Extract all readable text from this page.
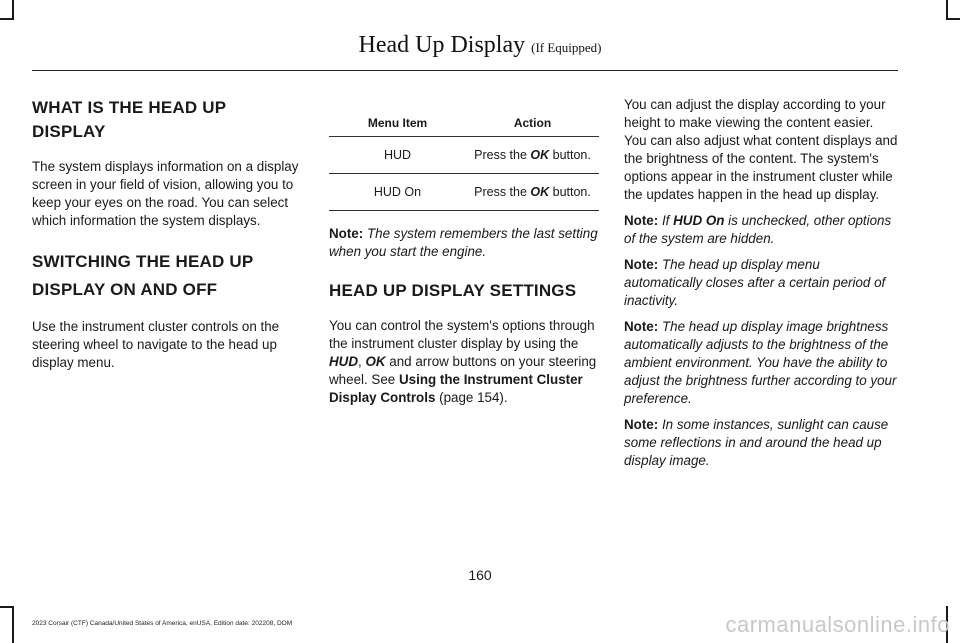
Head Up Display (If Equipped)
WHAT IS THE HEAD UP DISPLAY

The system displays information on a display screen in your field of vision, allowing you to keep your eyes on the road. You can select which information the system displays.

SWITCHING THE HEAD UP
DISPLAY ON AND OFF

Use the instrument cluster controls on the steering wheel to navigate to the head up display menu.

Menu Item	Action
HUD	Press the OK button.
HUD On	Press the OK button.

Note: The system remembers the last setting when you start the engine.

HEAD UP DISPLAY SETTINGS

You can control the system's options through the instrument cluster display by using the HUD, OK and arrow buttons on your steering wheel. See Using the Instrument Cluster Display Controls (page 154).

You can adjust the display according to your height to make viewing the content easier. You can also adjust what content displays and the brightness of the content. The system's options appear in the instrument cluster while the updates happen in the head up display.

Note: If HUD On is unchecked, other options of the system are hidden.

Note: The head up display menu automatically closes after a certain period of inactivity.

Note: The head up display image brightness automatically adjusts to the brightness of the ambient environment. You have the ability to adjust the brightness further according to your preference.

Note: In some instances, sunlight can cause some reflections in and around the head up display image.

160
2023 Corsair (CTF) Canada/United States of America, enUSA, Edition date: 202208, DOM	carmanualsonline.info
